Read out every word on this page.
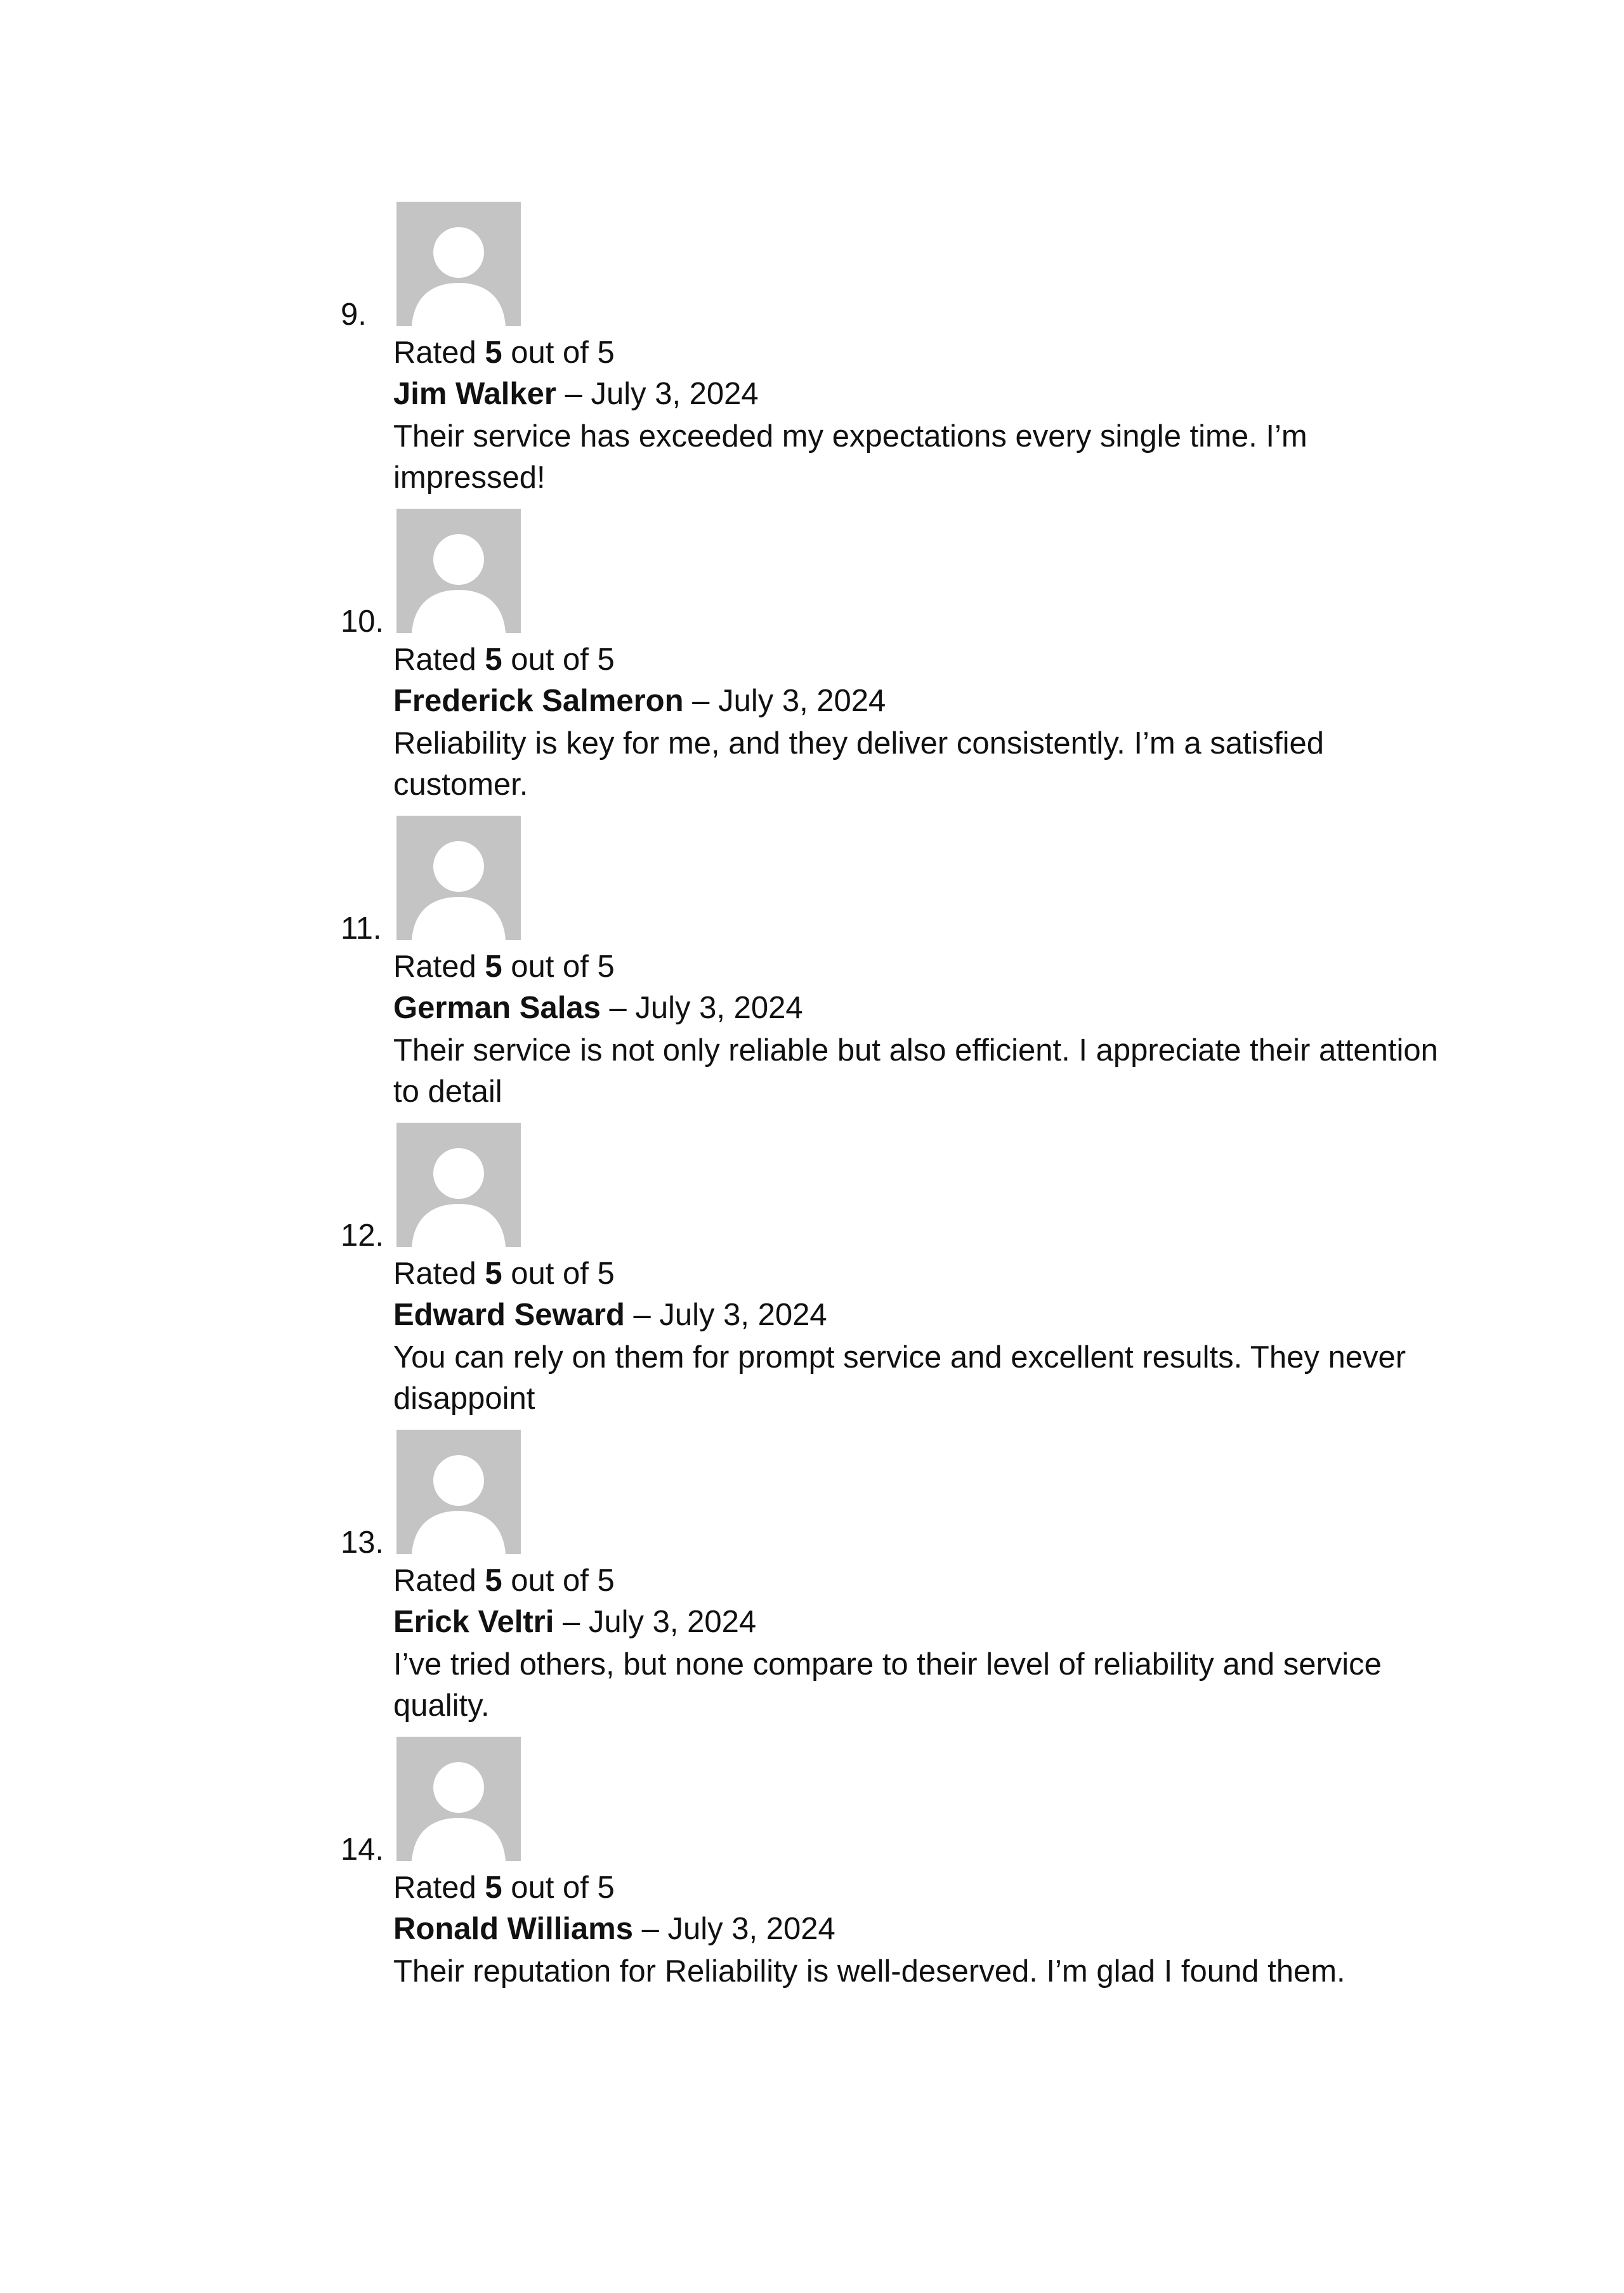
9.
Rated 5 out of 5
Jim Walker – July 3, 2024
Their service has exceeded my expectations every single time. I’m impressed!
10.
Rated 5 out of 5
Frederick Salmeron – July 3, 2024
Reliability is key for me, and they deliver consistently. I’m a satisfied customer.
11.
Rated 5 out of 5
German Salas – July 3, 2024
Their service is not only reliable but also efficient. I appreciate their attention to detail
12.
Rated 5 out of 5
Edward Seward – July 3, 2024
You can rely on them for prompt service and excellent results. They never disappoint
13.
Rated 5 out of 5
Erick Veltri – July 3, 2024
I’ve tried others, but none compare to their level of reliability and service quality.
14.
Rated 5 out of 5
Ronald Williams – July 3, 2024
Their reputation for Reliability is well-deserved. I’m glad I found them.
